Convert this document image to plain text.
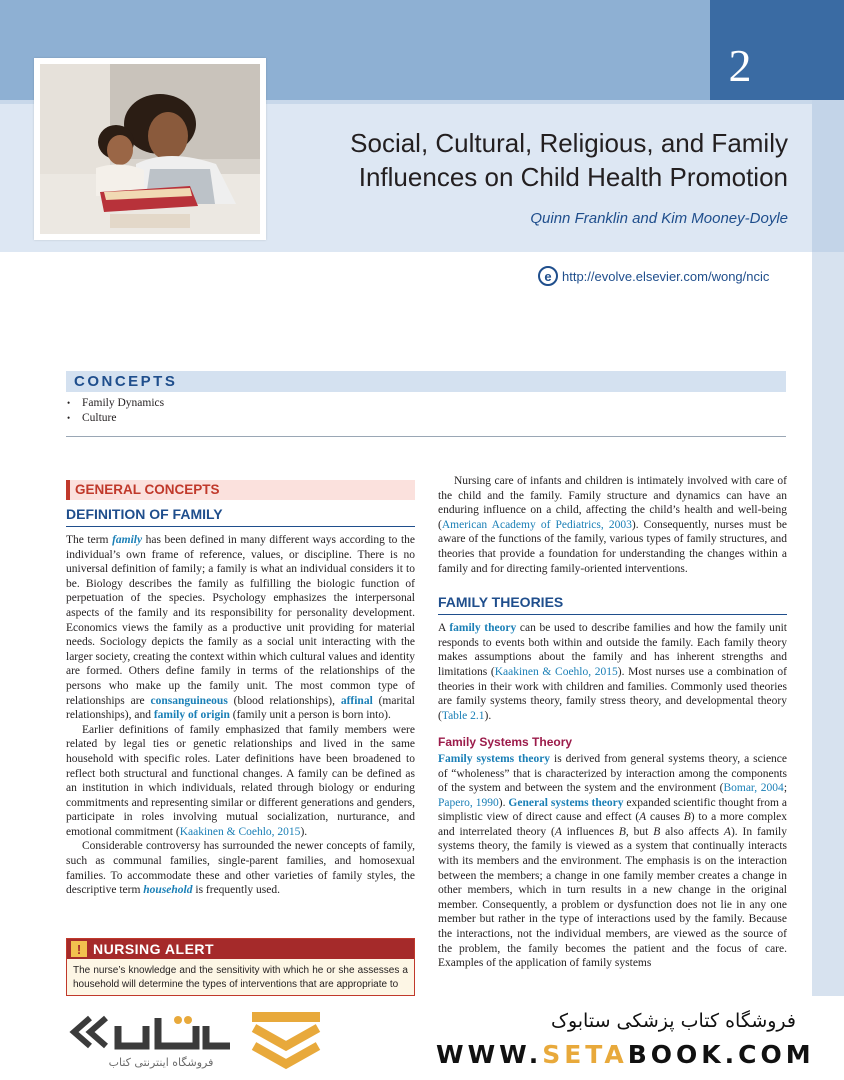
2
Social, Cultural, Religious, and Family
Influences on Child Health Promotion
Quinn Franklin and Kim Mooney-Doyle
e http://evolve.elsevier.com/wong/ncic
CONCEPTS
• Family Dynamics
• Culture
GENERAL CONCEPTS
DEFINITION OF FAMILY

The term family has been defined in many different ways according to the individual’s own frame of reference, values, or discipline. There is no universal definition of family; a family is what an individual considers it to be. Biology describes the family as fulfilling the biologic function of perpetuation of the species. Psychology emphasizes the interpersonal aspects of the family and its responsibility for personality development. Economics views the family as a productive unit providing for material needs. Sociology depicts the family as a social unit interacting with the larger society, creating the context within which cultural values and identity are formed. Others define family in terms of the relationships of the persons who make up the family unit. The most common type of relationships are consanguineous (blood relationships), affinal (marital relationships), and family of origin (family unit a person is born into).

Earlier definitions of family emphasized that family members were related by legal ties or genetic relationships and lived in the same household with specific roles. Later definitions have been broadened to reflect both structural and functional changes. A family can be defined as an institution in which individuals, related through biology or enduring commitments and representing similar or different generations and genders, participate in roles involving mutual socialization, nurturance, and emotional commitment (Kaakinen & Coehlo, 2015).

Considerable controversy has surrounded the newer concepts of family, such as communal families, single-parent families, and homosexual families. To accommodate these and other varieties of family styles, the descriptive term household is frequently used.

! NURSING ALERT
The nurse’s knowledge and the sensitivity with which he or she assesses a household will determine the types of interventions that are appropriate to

Nursing care of infants and children is intimately involved with care of the child and the family. Family structure and dynamics can have an enduring influence on a child, affecting the child’s health and well-being (American Academy of Pediatrics, 2003). Consequently, nurses must be aware of the functions of the family, various types of family structures, and theories that provide a foundation for understanding the changes within a family and for directing family-oriented interventions.

FAMILY THEORIES

A family theory can be used to describe families and how the family unit responds to events both within and outside the family. Each family theory makes assumptions about the family and has inherent strengths and limitations (Kaakinen & Coehlo, 2015). Most nurses use a combination of theories in their work with children and families. Commonly used theories are family systems theory, family stress theory, and developmental theory (Table 2.1).

Family Systems Theory

Family systems theory is derived from general systems theory, a science of “wholeness” that is characterized by interaction among the components of the system and between the system and the environment (Bomar, 2004; Papero, 1990). General systems theory expanded scientific thought from a simplistic view of direct cause and effect (A causes B) to a more complex and interrelated theory (A influences B, but B also affects A). In family systems theory, the family is viewed as a system that continually interacts with its members and the environment. The emphasis is on the interaction between the members; a change in one family member creates a change in other members, which in turn results in a new change in the original member. Consequently, a problem or dysfunction does not lie in any one member but rather in the type of interactions used by the family. Because the interactions, not the individual members, are viewed as the source of the problem, the family becomes the patient and the focus of care. Examples of the application of family systems

فروشگاه اینترنتی کتاب
فروشگاه کتاب پزشکی ستابوک
WWW.SETABOOK.COM
